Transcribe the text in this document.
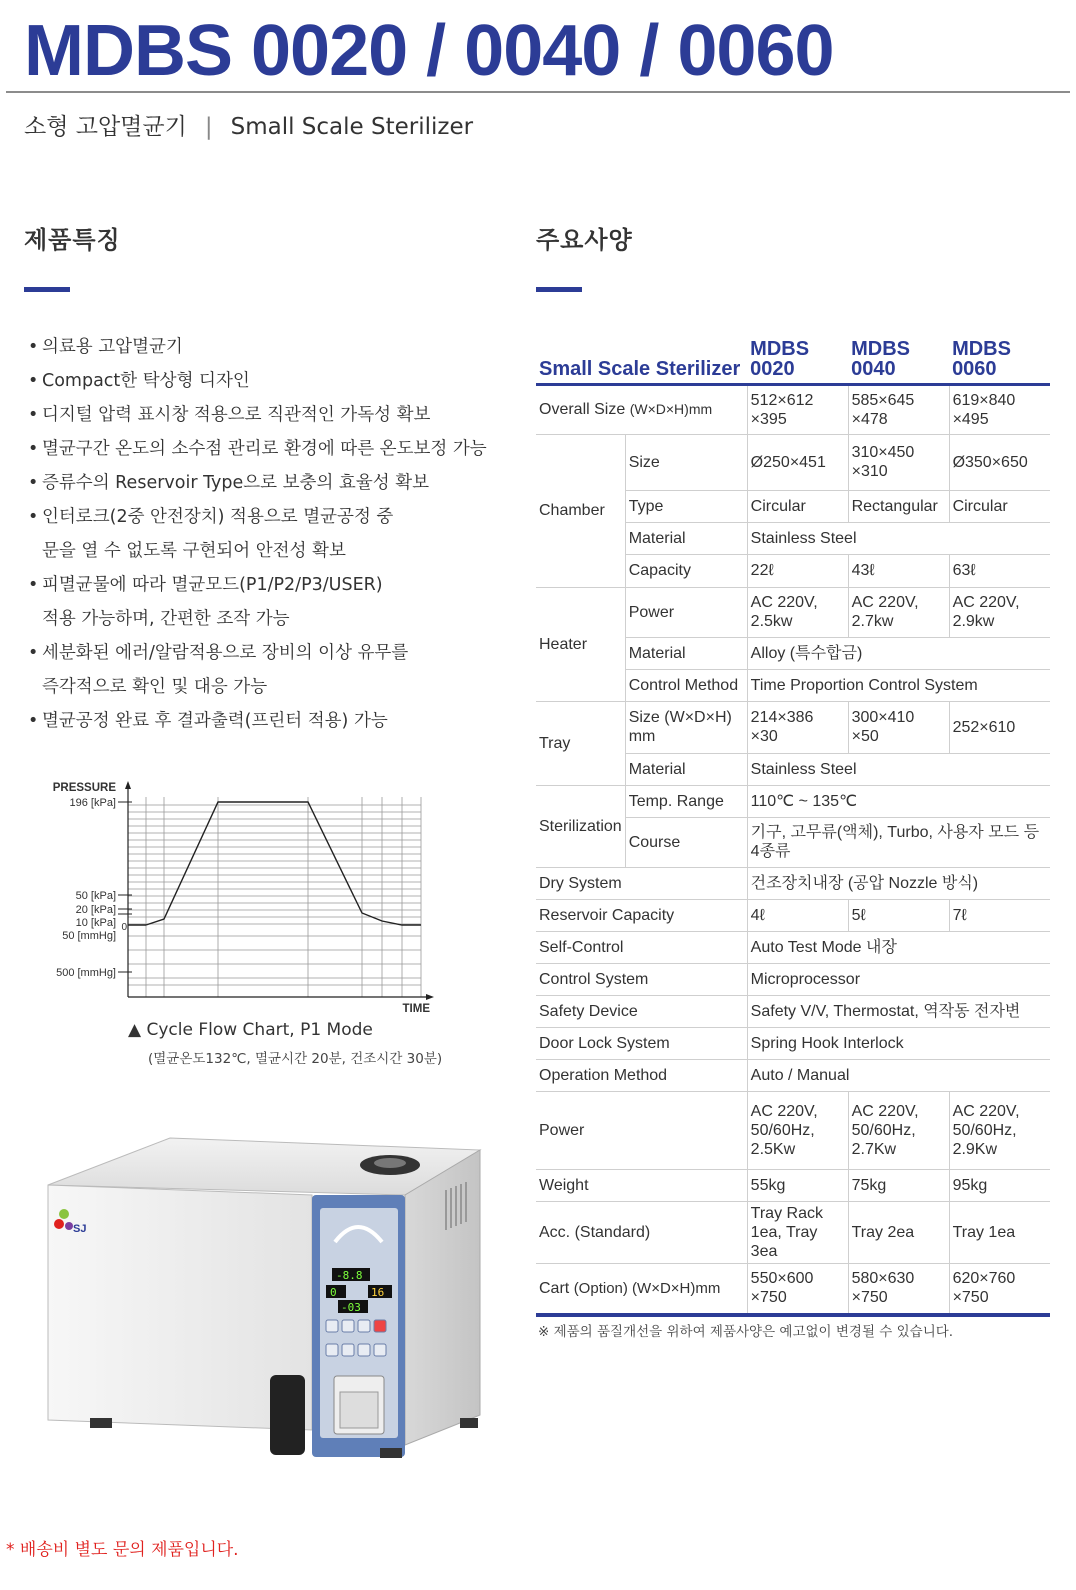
MDBS 0020 / 0040 / 0060
소형 고압멸균기 | Small Scale Sterilizer
제품특징	주요사양
• 의료용 고압멸균기
• Compact한 탁상형 디자인
• 디지털 압력 표시창 적용으로 직관적인 가독성 확보
• 멸균구간 온도의 소수점 관리로 환경에 따른 온도보정 가능
• 증류수의 Reservoir Type으로 보충의 효율성 확보
• 인터로크(2중 안전장치) 적용으로 멸균공정 중 문을 열 수 없도록 구현되어 안전성 확보
• 피멸균물에 따라 멸균모드(P1/P2/P3/USER) 적용 가능하며, 간편한 조작 가능
• 세분화된 에러/알람적용으로 장비의 이상 유무를 즉각적으로 확인 및 대응 가능
• 멸균공정 완료 후 결과출력(프린터 적용) 가능
PRESSURE
196 [kPa]
50 [kPa]
20 [kPa]
10 [kPa] 0
50 [mmHg]
500 [mmHg]
TIME
▲ Cycle Flow Chart, P1 Mode
(멸균온도132℃, 멸균시간 20분, 건조시간 30분)
-8.8
0	16
-03
SJ
Small Scale Sterilizer		MDBS 0020	MDBS 0040	MDBS 0060
Overall Size (W×D×H)mm		512×612 ×395	585×645 ×478	619×840 ×495
Chamber	Size	Ø250×451	310×450 ×310	Ø350×650
	Type	Circular	Rectangular	Circular
	Material	Stainless Steel		
	Capacity	22ℓ	43ℓ	63ℓ
Heater	Power	AC 220V, 2.5kw	AC 220V, 2.7kw	AC 220V, 2.9kw
	Material	Alloy (특수합금)		
	Control Method	Time Proportion Control System		
Tray	Size (W×D×H) mm	214×386 ×30	300×410 ×50	252×610
	Material	Stainless Steel		
Sterilization	Temp. Range	110℃ ~ 135℃		
	Course	기구, 고무류(액체), Turbo, 사용자 모드 등 4종류		
Dry System		건조장치내장 (공압 Nozzle 방식)		
Reservoir Capacity		4ℓ	5ℓ	7ℓ
Self-Control		Auto Test Mode 내장		
Control System		Microprocessor		
Safety Device		Safety V/V, Thermostat, 역작동 전자변		
Door Lock System		Spring Hook Interlock		
Operation Method		Auto / Manual		
Power		AC 220V, 50/60Hz, 2.5Kw	AC 220V, 50/60Hz, 2.7Kw	AC 220V, 50/60Hz, 2.9Kw
Weight		55kg	75kg	95kg
Acc. (Standard)		Tray Rack 1ea, Tray 3ea	Tray 2ea	Tray 1ea
Cart (Option) (W×D×H)mm		550×600 ×750	580×630 ×750	620×760 ×750
※ 제품의 품질개선을 위하여 제품사양은 예고없이 변경될 수 있습니다.
* 배송비 별도 문의 제품입니다.
